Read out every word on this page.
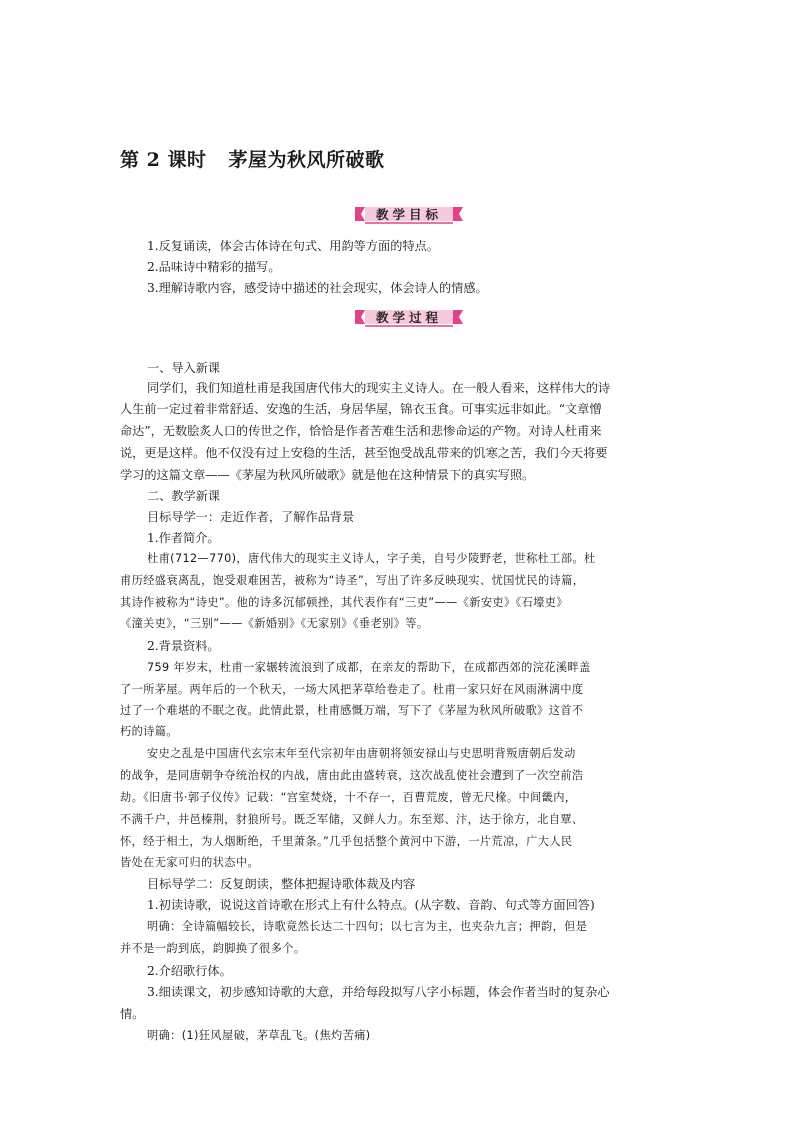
第 2 课时 茅屋为秋风所破歌
教学目标
1.反复诵读，体会古体诗在句式、用韵等方面的特点。
2.品味诗中精彩的描写。
3.理解诗歌内容，感受诗中描述的社会现实，体会诗人的情感。
教学过程
一、导入新课
同学们，我们知道杜甫是我国唐代伟大的现实主义诗人。在一般人看来，这样伟大的诗
人生前一定过着非常舒适、安逸的生活，身居华屋，锦衣玉食。可事实远非如此。“文章憎
命达”，无数脍炙人口的传世之作，恰恰是作者苦难生活和悲惨命运的产物。对诗人杜甫来
说，更是这样。他不仅没有过上安稳的生活，甚至饱受战乱带来的饥寒之苦，我们今天将要
学习的这篇文章——《茅屋为秋风所破歌》就是他在这种情景下的真实写照。
二、教学新课
目标导学一：走近作者，了解作品背景
1.作者简介。
杜甫(712—770)，唐代伟大的现实主义诗人，字子美，自号少陵野老，世称杜工部。杜
甫历经盛衰离乱，饱受艰难困苦，被称为“诗圣”，写出了许多反映现实、忧国忧民的诗篇，
其诗作被称为“诗史”。他的诗多沉郁顿挫，其代表作有“三吏”——《新安吏》《石壕吏》
《潼关吏》，“三别”——《新婚别》《无家别》《垂老别》等。
2.背景资料。
759 年岁末，杜甫一家辗转流浪到了成都，在亲友的帮助下，在成都西郊的浣花溪畔盖
了一所茅屋。两年后的一个秋天，一场大风把茅草给卷走了。杜甫一家只好在风雨淋漓中度
过了一个难堪的不眠之夜。此情此景，杜甫感慨万端，写下了《茅屋为秋风所破歌》这首不
朽的诗篇。
安史之乱是中国唐代玄宗末年至代宗初年由唐朝将领安禄山与史思明背叛唐朝后发动
的战争，是同唐朝争夺统治权的内战，唐由此由盛转衰，这次战乱使社会遭到了一次空前浩
劫。《旧唐书·郭子仪传》记载：“宫室焚烧，十不存一，百曹荒废，曾无尺椽。中间畿内，
不满千户，井邑榛荆，豺狼所号。既乏军储，又鲜人力。东至郑、汴，达于徐方，北自覃、
怀，经于相土，为人烟断绝，千里萧条。”几乎包括整个黄河中下游，一片荒凉，广大人民
皆处在无家可归的状态中。
目标导学二：反复朗读，整体把握诗歌体裁及内容
1.初读诗歌，说说这首诗歌在形式上有什么特点。(从字数、音韵、句式等方面回答)
明确：全诗篇幅较长，诗歌竟然长达二十四句；以七言为主，也夹杂九言；押韵，但是
并不是一韵到底，韵脚换了很多个。
2.介绍歌行体。
3.细读课文，初步感知诗歌的大意，并给每段拟写八字小标题，体会作者当时的复杂心
情。
明确：(1)狂风屋破，茅草乱飞。(焦灼苦痛)
